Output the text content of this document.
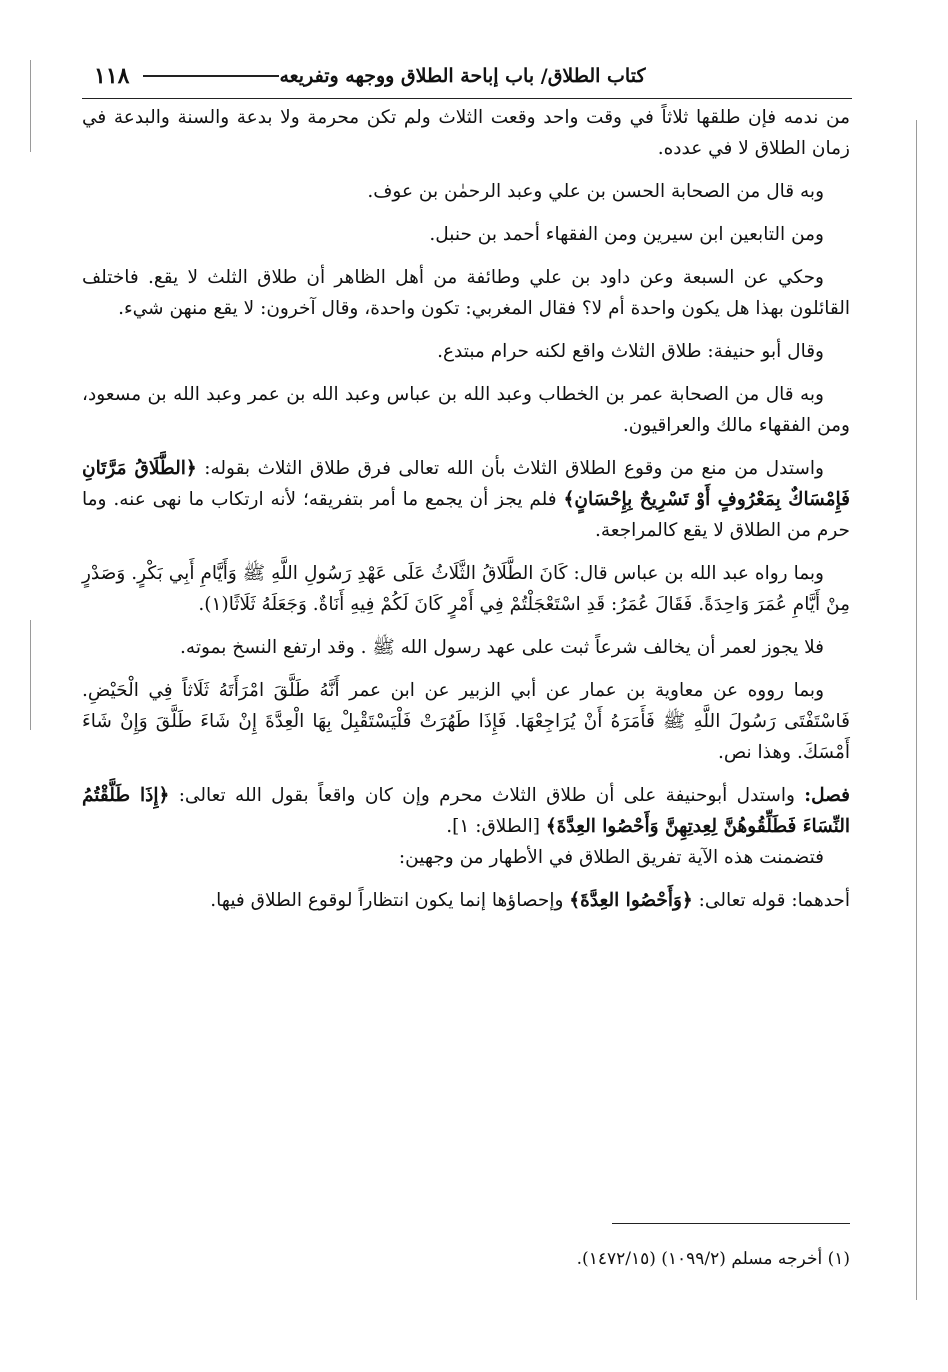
١١٨	كتاب الطلاق/ باب إباحة الطلاق ووجهه وتفريعه

من ندمه فإن طلقها ثلاثاً في وقت واحد وقعت الثلاث ولم تكن محرمة ولا بدعة والسنة والبدعة في زمان الطلاق لا في عدده.

وبه قال من الصحابة الحسن بن علي وعبد الرحمٰن بن عوف.

ومن التابعين ابن سيرين ومن الفقهاء أحمد بن حنبل.

وحكي عن السبعة وعن داود بن علي وطائفة من أهل الظاهر أن طلاق الثلث لا يقع. فاختلف القائلون بهذا هل يكون واحدة أم لا؟ فقال المغربي: تكون واحدة، وقال آخرون: لا يقع منهن شيء.

وقال أبو حنيفة: طلاق الثلاث واقع لكنه حرام مبتدع.

وبه قال من الصحابة عمر بن الخطاب وعبد الله بن عباس وعبد الله بن عمر وعبد الله بن مسعود، ومن الفقهاء مالك والعراقيون.

واستدل من منع من وقوع الطلاق الثلاث بأن الله تعالى فرق طلاق الثلاث بقوله: ﴿الطَّلَاقُ مَرَّتَانِ فَإِمْسَاكٌ بِمَعْرُوفٍ أَوْ تَسْرِيحٌ بِإِحْسَانٍ﴾ فلم يجز أن يجمع ما أمر بتفريقه؛ لأنه ارتكاب ما نهى عنه. وما حرم من الطلاق لا يقع كالمراجعة.

وبما رواه عبد الله بن عباس قال: كَانَ الطَّلَاقُ الثَّلَاثُ عَلَى عَهْدِ رَسُولِ اللَّهِ ﷺ وَأَيَّامِ أَبِي بَكْرٍ. وَصَدْرٍ مِنْ أَيَّامِ عُمَرَ وَاحِدَةً. فَقَالَ عُمَرُ: قَدِ اسْتَعْجَلْتُمْ فِي أَمْرٍ كَانَ لَكُمْ فِيهِ أَنَاةٌ. وَجَعَلَهُ ثَلَاثًا(١).

فلا يجوز لعمر أن يخالف شرعاً ثبت على عهد رسول الله ﷺ . وقد ارتفع النسخ بموته.

وبما رووه عن معاوية بن عمار عن أبي الزبير عن ابن عمر أَنَّهُ طَلَّقَ امْرَأَتَهُ ثَلَاثاً فِي الْحَيْضِ. فَاسْتَفْتَى رَسُولَ اللَّهِ ﷺ فَأَمَرَهُ أَنْ يُرَاجِعْهَا. فَإِذَا طَهُرَتْ فَلْيَسْتَقْبِلْ بِهَا الْعِدَّةَ إِنْ شَاءَ طَلَّقَ وَإِنْ شَاءَ أَمْسَكَ. وهذا نص.

فصل: واستدل أبوحنيفة على أن طلاق الثلاث محرم وإن كان واقعاً بقول الله تعالى: ﴿إِذَا طَلَّقْتُمُ النِّسَاءَ فَطَلِّقُوهُنَّ لِعِدتِهِنَّ وَأَحْصُوا العِدَّةَ﴾ [الطلاق: ١].

فتضمنت هذه الآية تفريق الطلاق في الأطهار من وجهين:

أحدهما: قوله تعالى: ﴿وَأَحْصُوا العِدَّةَ﴾ وإحصاؤها إنما يكون انتظاراً لوقوع الطلاق فيها.

(١) أخرجه مسلم (١٠٩٩/٢) (١٤٧٢/١٥).
